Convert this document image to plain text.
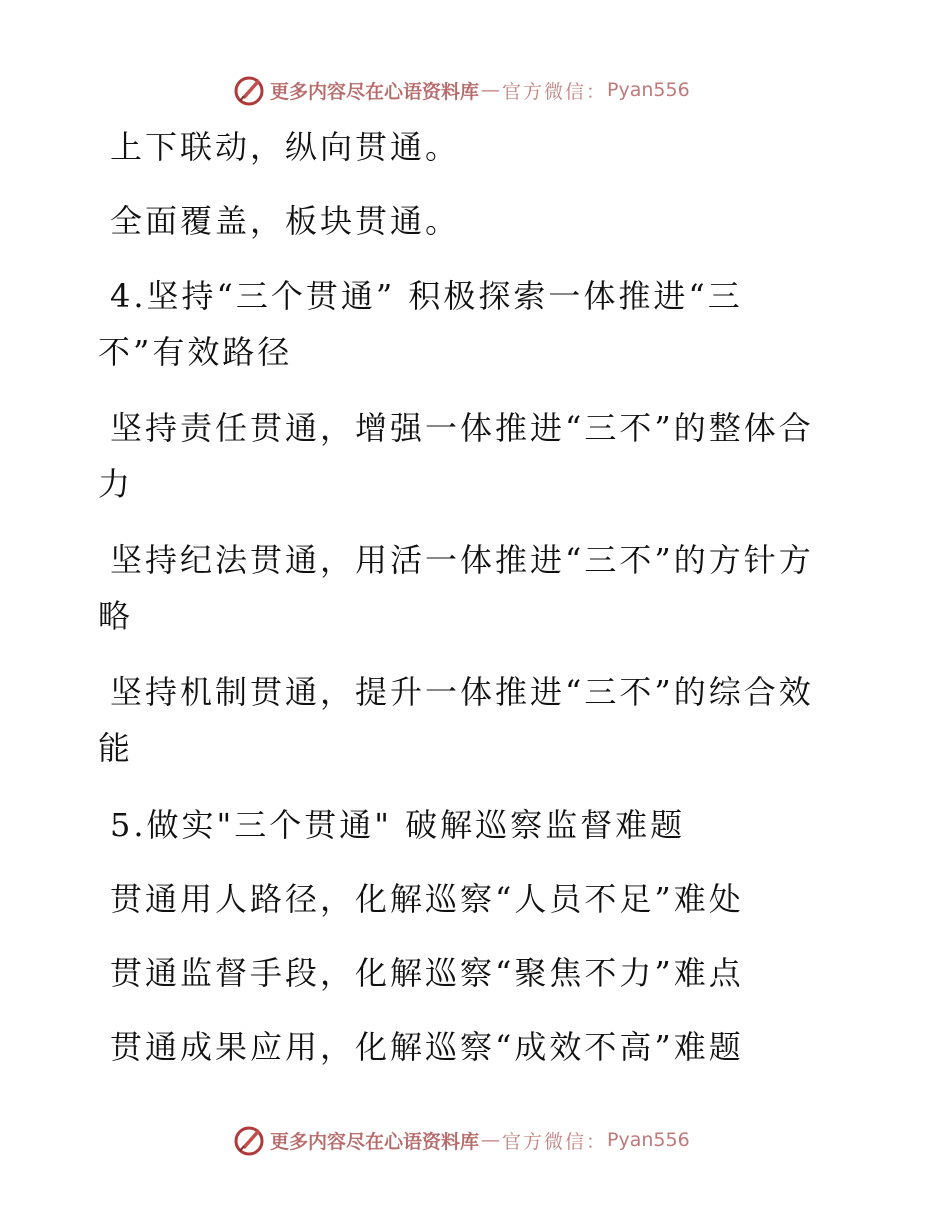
更多内容尽在心语资料库 — 官方微信： Pyan556
上下联动，纵向贯通。
全面覆盖，板块贯通。
4.坚持“三个贯通” 积极探索一体推进“三不”有效路径
坚持责任贯通，增强一体推进“三不”的整体合力
坚持纪法贯通，用活一体推进“三不”的方针方略
坚持机制贯通，提升一体推进“三不”的综合效能
5.做实"三个贯通" 破解巡察监督难题
贯通用人路径，化解巡察“人员不足”难处
贯通监督手段，化解巡察“聚焦不力”难点
贯通成果应用，化解巡察“成效不高”难题
更多内容尽在心语资料库 — 官方微信： Pyan556
